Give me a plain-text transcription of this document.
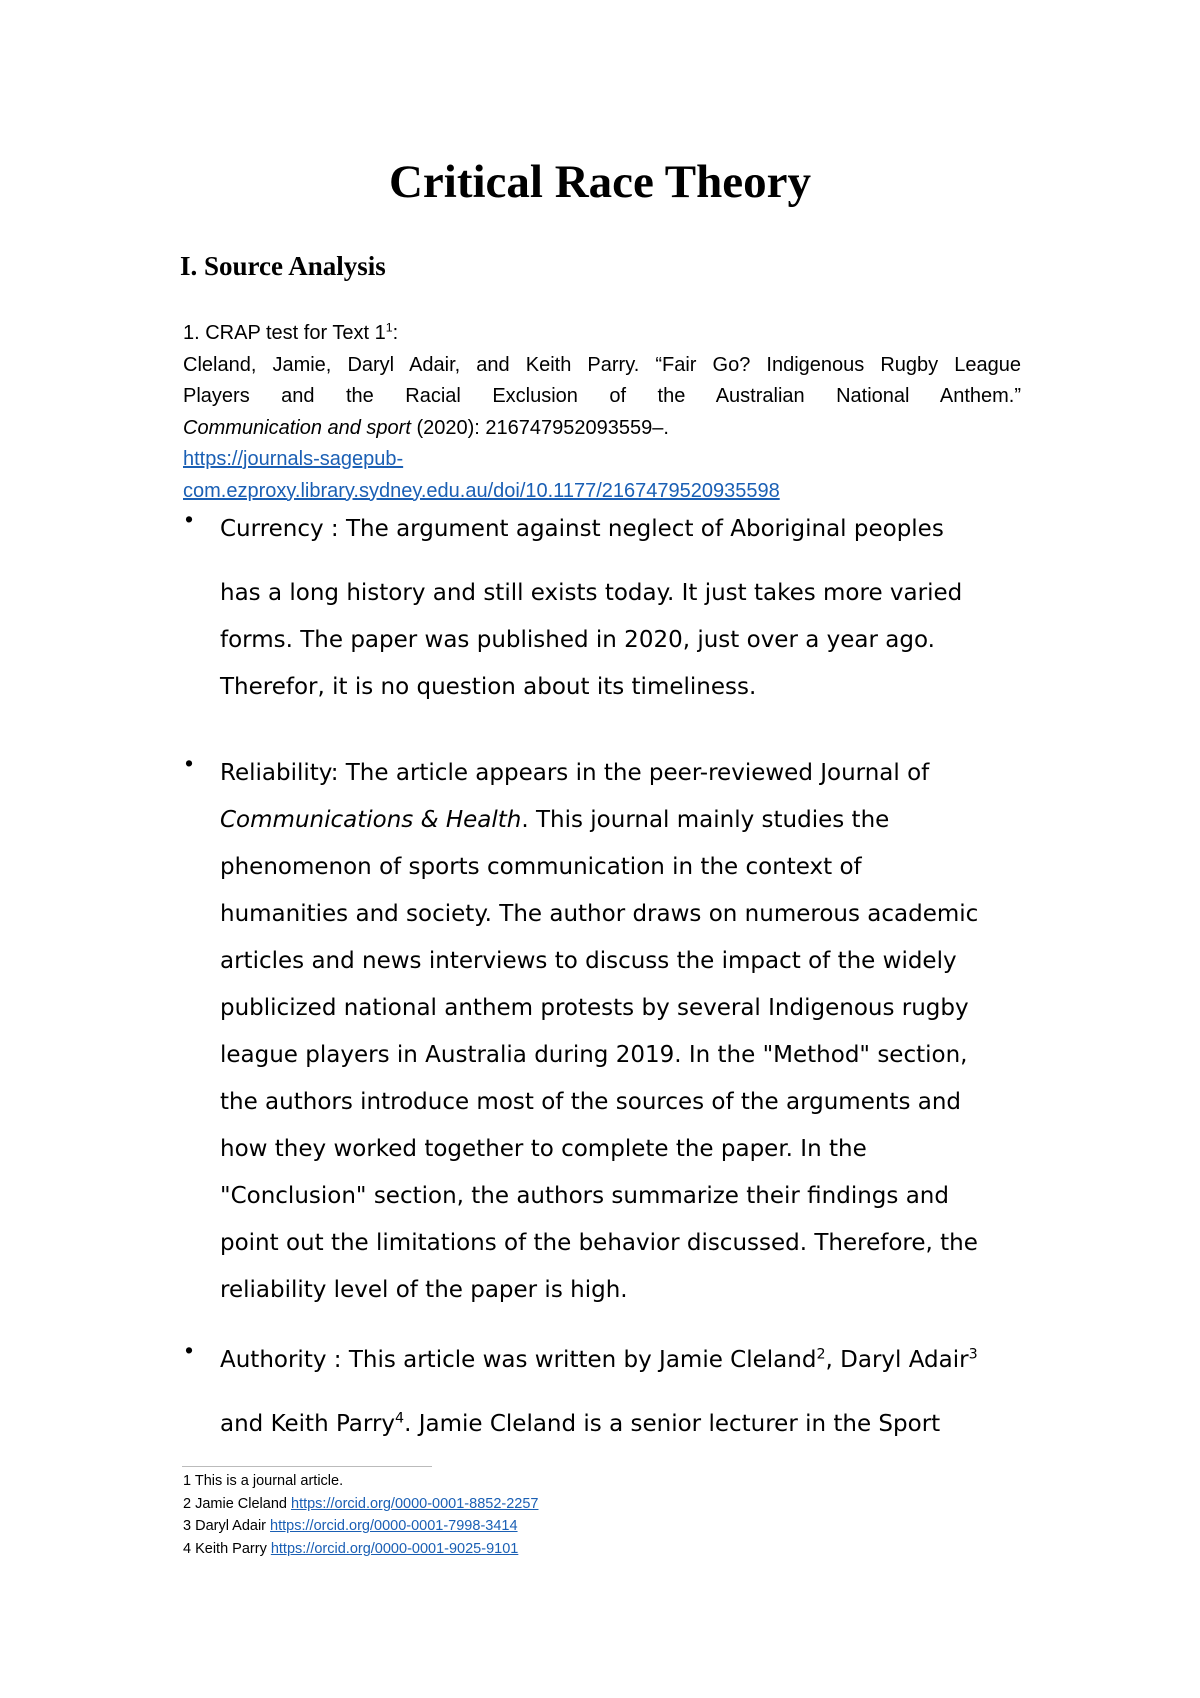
Critical Race Theory
I. Source Analysis

1. CRAP test for Text $1^1$:

Cleland, Jamie, Daryl Adair, and Keith Parry. “Fair Go? Indigenous Rugby League

Players and the Racial Exclusion of the Australian National Anthem.”

Communication and sport (2020): 216747952093559–.

https://journals-sagepub-
com.ezproxy.library.sydney.edu.au/doi/10.1177/2167479520935598

• Currency : The argument against neglect of Aboriginal peoples
has a long history and still exists today. It just takes more varied
forms. The paper was published in 2020, just over a year ago.
Therefor, it is no question about its timeliness.
• Reliability: The article appears in the peer-reviewed Journal of
Communications & Health. This journal mainly studies the
phenomenon of sports communication in the context of
humanities and society. The author draws on numerous academic
articles and news interviews to discuss the impact of the widely
publicized national anthem protests by several Indigenous rugby
league players in Australia during 2019. In the "Method" section,
the authors introduce most of the sources of the arguments and
how they worked together to complete the paper. In the
"Conclusion" section, the authors summarize their findings and
point out the limitations of the behavior discussed. Therefore, the
reliability level of the paper is high.
• Authority : This article was written by Jamie Cleland$^2$, Daryl Adair$^3$
and Keith Parry$^4$. Jamie Cleland is a senior lecturer in the Sport
1 This is a journal article.
2 Jamie Cleland https://orcid.org/0000-0001-8852-2257
3 Daryl Adair https://orcid.org/0000-0001-7998-3414
4 Keith Parry https://orcid.org/0000-0001-9025-9101
